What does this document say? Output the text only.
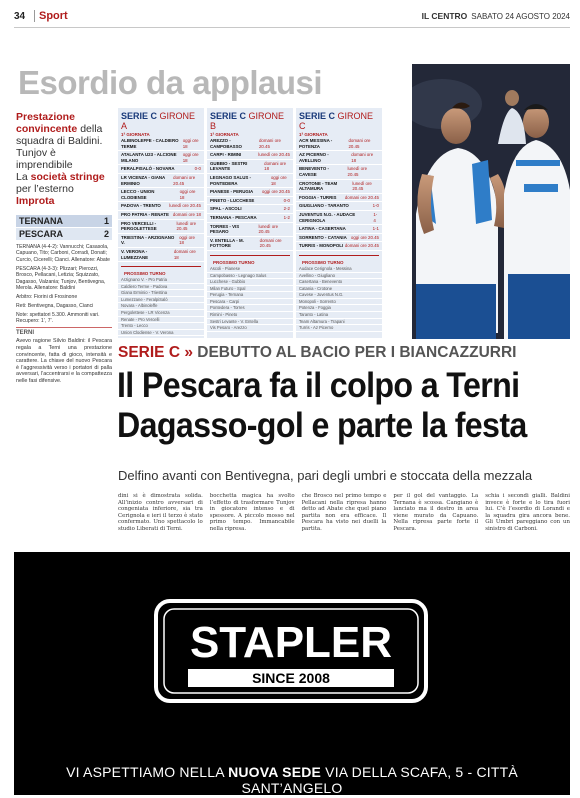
34	Sport	IL CENTRO SABATO 24 AGOSTO 2024
Esordio da applausi
Prestazione convincente della squadra di Baldini. Tunjov è imprendibile
La società stringe per l’esterno Improta
TERNANA	1
PESCARA	2

TERNANA (4-4-2): Vannucchi; Casasola, Capuano, Tito; Carboni, Corradi, Donati; Curcio, Cicerelli; Cianci. Allenatore: Abate

PESCARA (4-3-3): Plizzari; Pierozzi, Brosco, Pellacani, Letizia; Squizzato, Dagasso, Valzania; Tunjov, Bentivegna, Merola. Allenatore: Baldini

Arbitro: Fiorini di Frosinone

Reti: Bentivegna, Dagasso, Cianci

Note: spettatori 5.300. Ammoniti vari. Recupero: 1’, 7’.

TERNI
Avevo ragione Silvio Baldini: il Pescara regala a Terni una prestazione convincente, fatta di gioco, intensità e carattere. La chiave del nuovo Pescara è l’aggressività verso i portatori di palla avversari, l’accentrarsi e la compattezza nelle fasi difensive.
SERIE C GIRONE A
1ª GIORNATA
ALBINOLEFFE - CALDIERO TERME
oggi ore 18
ATALANTA U23 - ALCIONE MILANO
oggi ore 18
FERALPISALÒ - NOVARA	0-0
LR VICENZA - GIANA ERMINIO
domani ore 20.45
LECCO - UNION CLODIENSE
oggi ore 18
PADOVA - TRENTO lunedì ore 20.45
PRO PATRIA - RENATE domani ore 18
PRO VERCELLI - PERGOLETTESE
lunedì ore 20.45
TRIESTINA - ARZIGNANO V.
oggi ore 18
V. VERONA - LUMEZZANE
domani ore 18
PROSSIMO TURNO
Arzignano V. - Pro Patria
Caldiero Terme - Padova
Giana Erminio - Triestina
Lumezzane - FeralpiSalò
Novara - Albinoleffe
Pergolettese - LR Vicenza
Renate - Pro Vercelli
Trento - Lecco
Union Clodiense - V. Verona
SERIE C GIRONE B
1ª GIORNATA
AREZZO - CAMPOBASSO
domani ore 20.45
CARPI - RIMINI	lunedì ore 20.45
GUBBIO - SESTRI LEVANTE
domani ore 18
LEGNAGO SALUS - PONTEDERA
oggi ore 18
PIANESE - PERUGIA oggi ore 20.45
PINETO - LUCCHESE	0-0
SPAL - ASCOLI	2-2
TERNANA - PESCARA	1-2
TORRES - VIS PESARO
lunedì ore 20.45
V. ENTELLA - M. FOTTORE
domani ore 20.45
PROSSIMO TURNO
Ascoli - Pianese
Campobasso - Legnago Salus
Lucchese - Gubbio
Milan Futuro - Spal
Perugia - Ternana
Pescara - Carpi
Pontedera - Torres
Rimini - Pineto
Sestri Levante - V. Entella
Vis Pesaro - Arezzo
SERIE C GIRONE C
1ª GIORNATA
ACR MESSINA - POTENZA
domani ore 20.45
AZ PICERNO - AVELLINO
domani ore 18
BENEVENTO - CAVESE
lunedì ore 20.45
CROTONE - TEAM ALTAMURA
lunedì ore 20.45
FOGGIA - TURRIS domani ore 20.45
GIUGLIANO - TARANTO	1-0
JUVENTUS N.G. - AUDACE CERIGNOLA
1-4
LATINA - CASERTANA	1-1
SORRENTO - CATANIA oggi ore 20.45
TURRIS - MONOPOLI domani ore 20.45
PROSSIMO TURNO
Audace Cerignola - Messina
Avellino - Giugliano
Casertana - Benevento
Catania - Crotone
Cavese - Juventus N.G.
Monopoli - Sorrento
Potenza - Foggia
Taranto - Latina
Team Altamura - Trapani
Turris - Az Picerno
SERIE C » DEBUTTO AL BACIO PER I BIANCAZZURRI
Il Pescara fa il colpo a Terni
Dagasso-gol e parte la festa
Delfino avanti con Bentivegna, pari degli umbri e stoccata della mezzala

dini si è dimostrata solida. All’inizio contro avversari di congeniata inferiore, sia tra Cerignola e ieri il terzo è stato confermato. Uno spettacolo lo studio Liberati di Terni.

bocchetta magica ha svolto l’effetto di trasformare Tunjov in giocatore intenso e di spessore. A piccolo mosso nel primo tempo. Immancabile nella ripresa.

che Brosco nel primo tempo e Pellacani nella ripresa hanno detto ad Abate che quel piano partita non era efficace. Il Pescara ha visto nei duelli la partita.

per il gol del vantaggio. La Ternana è scossa. Cangiano è lanciato ma il destro in area viene murato da Capuano. Nella ripresa parte forte il Pescara.

schia i secondi gialli. Baldini invece è forte e lo tira fuori lui. C’è l’esordio di Lorandi e la squadra gira ancora bene. Gli Umbri pareggiano con un sinistro di Carboni.

STAPLER
SINCE 2008
VI ASPETTIAMO NELLA NUOVA SEDE VIA DELLA SCAFA, 5 - CITTÀ SANT’ANGELO
